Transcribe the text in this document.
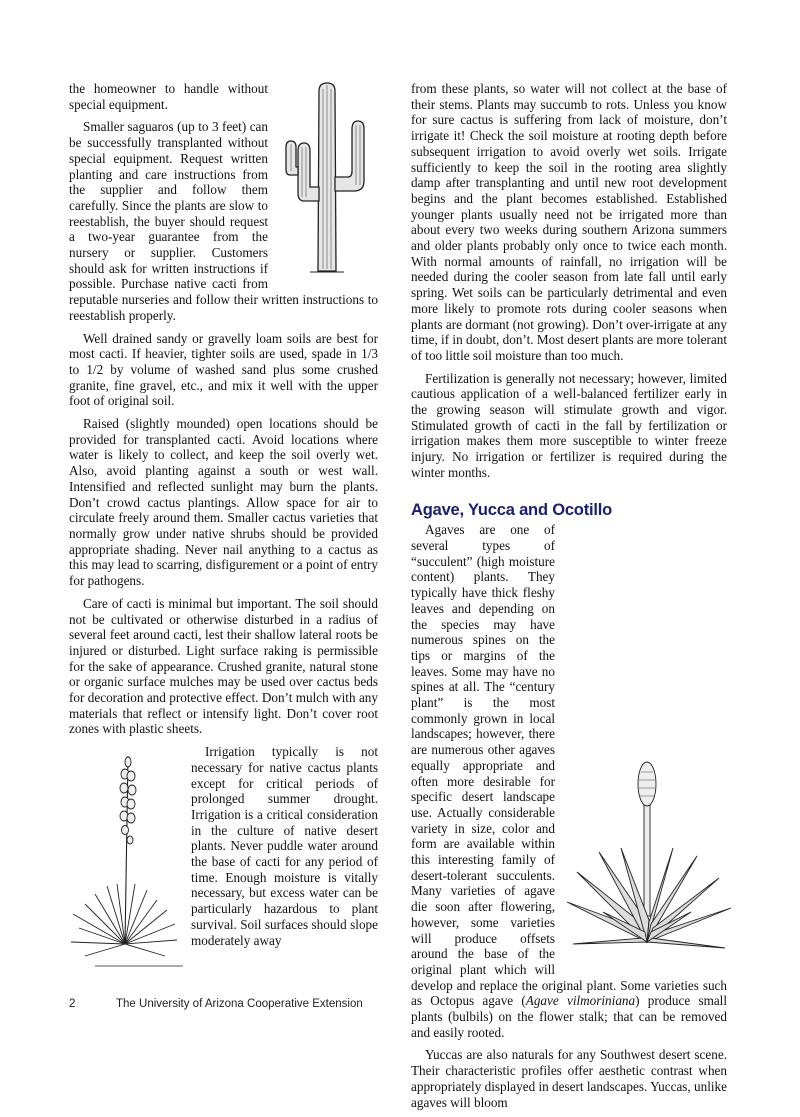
the homeowner to handle without special equipment.

Smaller saguaros (up to 3 feet) can be successfully transplanted without special equipment. Request written planting and care instructions from the supplier and follow them carefully. Since the plants are slow to reestablish, the buyer should request a two-year guarantee from the nursery or supplier. Customers should ask for written instructions if possible. Purchase native cacti from reputable nurseries and follow their written instructions to reestablish properly.

Well drained sandy or gravelly loam soils are best for most cacti. If heavier, tighter soils are used, spade in 1/3 to 1/2 by volume of washed sand plus some crushed granite, fine gravel, etc., and mix it well with the upper foot of original soil.

Raised (slightly mounded) open locations should be provided for transplanted cacti. Avoid locations where water is likely to collect, and keep the soil overly wet. Also, avoid planting against a south or west wall. Intensified and reflected sunlight may burn the plants. Don’t crowd cactus plantings. Allow space for air to circulate freely around them. Smaller cactus varieties that normally grow under native shrubs should be provided appropriate shading. Never nail anything to a cactus as this may lead to scarring, disfigurement or a point of entry for pathogens.

Care of cacti is minimal but important. The soil should not be cultivated or otherwise disturbed in a radius of several feet around cacti, lest their shallow lateral roots be injured or disturbed. Light surface raking is permissible for the sake of appearance. Crushed granite, natural stone or organic surface mulches may be used over cactus beds for decoration and protective effect. Don’t mulch with any materials that reflect or intensify light. Don’t cover root zones with plastic sheets.

Irrigation typically is not necessary for native cactus plants except for critical periods of prolonged summer drought. Irrigation is a critical consideration in the culture of native desert plants. Never puddle water around the base of cacti for any period of time. Enough moisture is vitally necessary, but excess water can be particularly hazardous to plant survival. Soil surfaces should slope moderately away

from these plants, so water will not collect at the base of their stems. Plants may succumb to rots. Unless you know for sure cactus is suffering from lack of moisture, don’t irrigate it! Check the soil moisture at rooting depth before subsequent irrigation to avoid overly wet soils. Irrigate sufficiently to keep the soil in the rooting area slightly damp after transplanting and until new root development begins and the plant becomes established. Established younger plants usually need not be irrigated more than about every two weeks during southern Arizona summers and older plants probably only once to twice each month. With normal amounts of rainfall, no irrigation will be needed during the cooler season from late fall until early spring. Wet soils can be particularly detrimental and even more likely to promote rots during cooler seasons when plants are dormant (not growing). Don’t over-irrigate at any time, if in doubt, don’t. Most desert plants are more tolerant of too little soil moisture than too much.

Fertilization is generally not necessary; however, limited cautious application of a well-balanced fertilizer early in the growing season will stimulate growth and vigor. Stimulated growth of cacti in the fall by fertilization or irrigation makes them more susceptible to winter freeze injury. No irrigation or fertilizer is required during the winter months.

Agave, Yucca and Ocotillo

Agaves are one of several types of “succulent” (high moisture content) plants. They typically have thick fleshy leaves and depending on the species may have numerous spines on the tips or margins of the leaves. Some may have no spines at all. The “century plant” is the most commonly grown in local landscapes; however, there are numerous other agaves equally appropriate and often more desirable for specific desert landscape use. Actually considerable variety in size, color and form are available within this interesting family of desert-tolerant succulents. Many varieties of agave die soon after flowering, however, some varieties will produce offsets around the base of the original plant which will develop and replace the original plant. Some varieties such as Octopus agave (Agave vilmoriniana) produce small plants (bulbils) on the flower stalk; that can be removed and easily rooted.

Yuccas are also naturals for any Southwest desert scene. Their characteristic profiles offer aesthetic contrast when appropriately displayed in desert landscapes. Yuccas, unlike agaves will bloom

2	The University of Arizona Cooperative Extension
